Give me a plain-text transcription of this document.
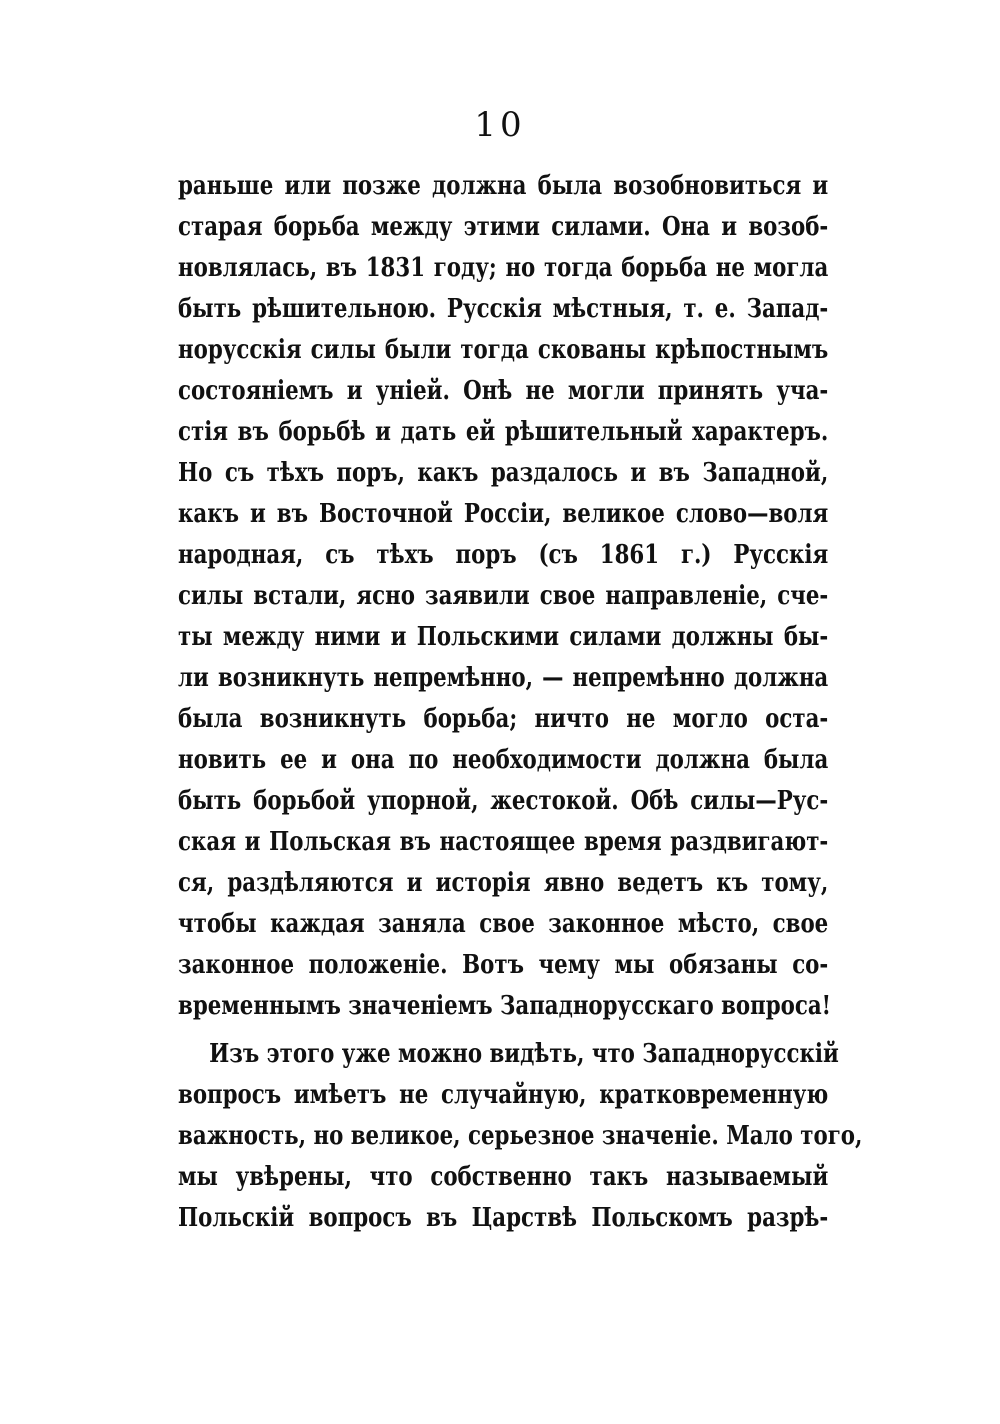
10
раньше или позже должна была возобновиться и
старая борьба между этими силами. Она и возоб-
новлялась, въ 1831 году; но тогда борьба не могла
быть рѣшительною. Русскія мѣстныя, т. е. Запад-
норусскія силы были тогда скованы крѣпостнымъ
состояніемъ и уніей. Онѣ не могли принять уча-
стія въ борьбѣ и дать ей рѣшительный характеръ.
Но съ тѣхъ поръ, какъ раздалось и въ Западной,
какъ и въ Восточной Россіи, великое слово—воля
народная, съ тѣхъ поръ (съ 1861 г.) Русскія
силы встали, ясно заявили свое направленіе, сче-
ты между ними и Польскими силами должны бы-
ли возникнуть непремѣнно, — непремѣнно должна
была возникнуть борьба; ничто не могло оста-
новить ее и она по необходимости должна была
быть борьбой упорной, жестокой. Обѣ силы—Рус-
ская и Польская въ настоящее время раздвигают-
ся, раздѣляются и исторія явно ведетъ къ тому,
чтобы каждая заняла свое законное мѣсто, свое
законное положеніе. Вотъ чему мы обязаны со-
временнымъ значеніемъ Западнорусскаго вопроса!
Изъ этого уже можно видѣть, что Западнорусскій
вопросъ имѣетъ не случайную, кратковременную
важность, но великое, серьезное значеніе. Мало того,
мы увѣрены, что собственно такъ называемый
Польскій вопросъ въ Царствѣ Польскомъ разрѣ-
